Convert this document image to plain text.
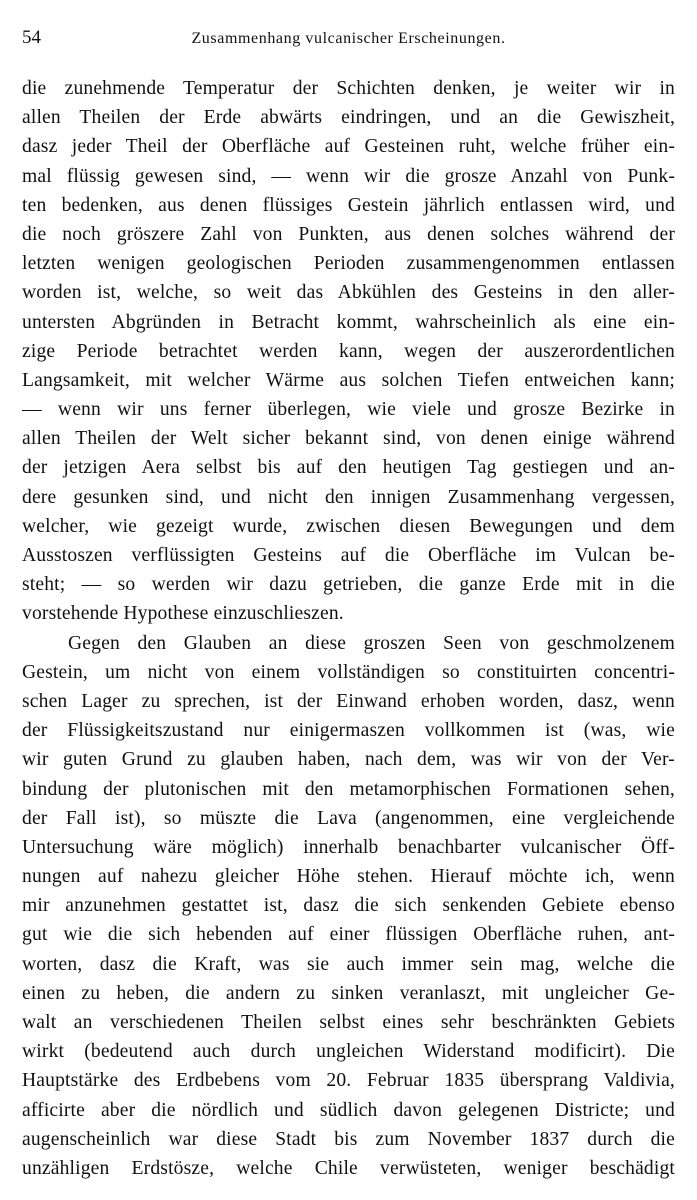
54	Zusammenhang vulcanischer Erscheinungen.
die zunehmende Temperatur der Schichten denken, je weiter wir in
allen Theilen der Erde abwärts eindringen, und an die Gewiszheit,
dasz jeder Theil der Oberfläche auf Gesteinen ruht, welche früher ein-
mal flüssig gewesen sind, — wenn wir die grosze Anzahl von Punk-
ten bedenken, aus denen flüssiges Gestein jährlich entlassen wird, und
die noch gröszere Zahl von Punkten, aus denen solches während der
letzten wenigen geologischen Perioden zusammengenommen entlassen
worden ist, welche, so weit das Abkühlen des Gesteins in den aller-
untersten Abgründen in Betracht kommt, wahrscheinlich als eine ein-
zige Periode betrachtet werden kann, wegen der auszerordentlichen
Langsamkeit, mit welcher Wärme aus solchen Tiefen entweichen kann;
— wenn wir uns ferner überlegen, wie viele und grosze Bezirke in
allen Theilen der Welt sicher bekannt sind, von denen einige während
der jetzigen Aera selbst bis auf den heutigen Tag gestiegen und an-
dere gesunken sind, und nicht den innigen Zusammenhang vergessen,
welcher, wie gezeigt wurde, zwischen diesen Bewegungen und dem
Ausstoszen verflüssigten Gesteins auf die Oberfläche im Vulcan be-
steht; — so werden wir dazu getrieben, die ganze Erde mit in die
vorstehende Hypothese einzuschlieszen.
Gegen den Glauben an diese groszen Seen von geschmolzenem
Gestein, um nicht von einem vollständigen so constituirten concentri-
schen Lager zu sprechen, ist der Einwand erhoben worden, dasz, wenn
der Flüssigkeitszustand nur einigermaszen vollkommen ist (was, wie
wir guten Grund zu glauben haben, nach dem, was wir von der Ver-
bindung der plutonischen mit den metamorphischen Formationen sehen,
der Fall ist), so müszte die Lava (angenommen, eine vergleichende
Untersuchung wäre möglich) innerhalb benachbarter vulcanischer Öff-
nungen auf nahezu gleicher Höhe stehen. Hierauf möchte ich, wenn
mir anzunehmen gestattet ist, dasz die sich senkenden Gebiete ebenso
gut wie die sich hebenden auf einer flüssigen Oberfläche ruhen, ant-
worten, dasz die Kraft, was sie auch immer sein mag, welche die
einen zu heben, die andern zu sinken veranlaszt, mit ungleicher Ge-
walt an verschiedenen Theilen selbst eines sehr beschränkten Gebiets
wirkt (bedeutend auch durch ungleichen Widerstand modificirt). Die
Hauptstärke des Erdbebens vom 20. Februar 1835 übersprang Valdivia,
afficirte aber die nördlich und südlich davon gelegenen Districte; und
augenscheinlich war diese Stadt bis zum November 1837 durch die
unzähligen Erdstösze, welche Chile verwüsteten, weniger beschädigt
